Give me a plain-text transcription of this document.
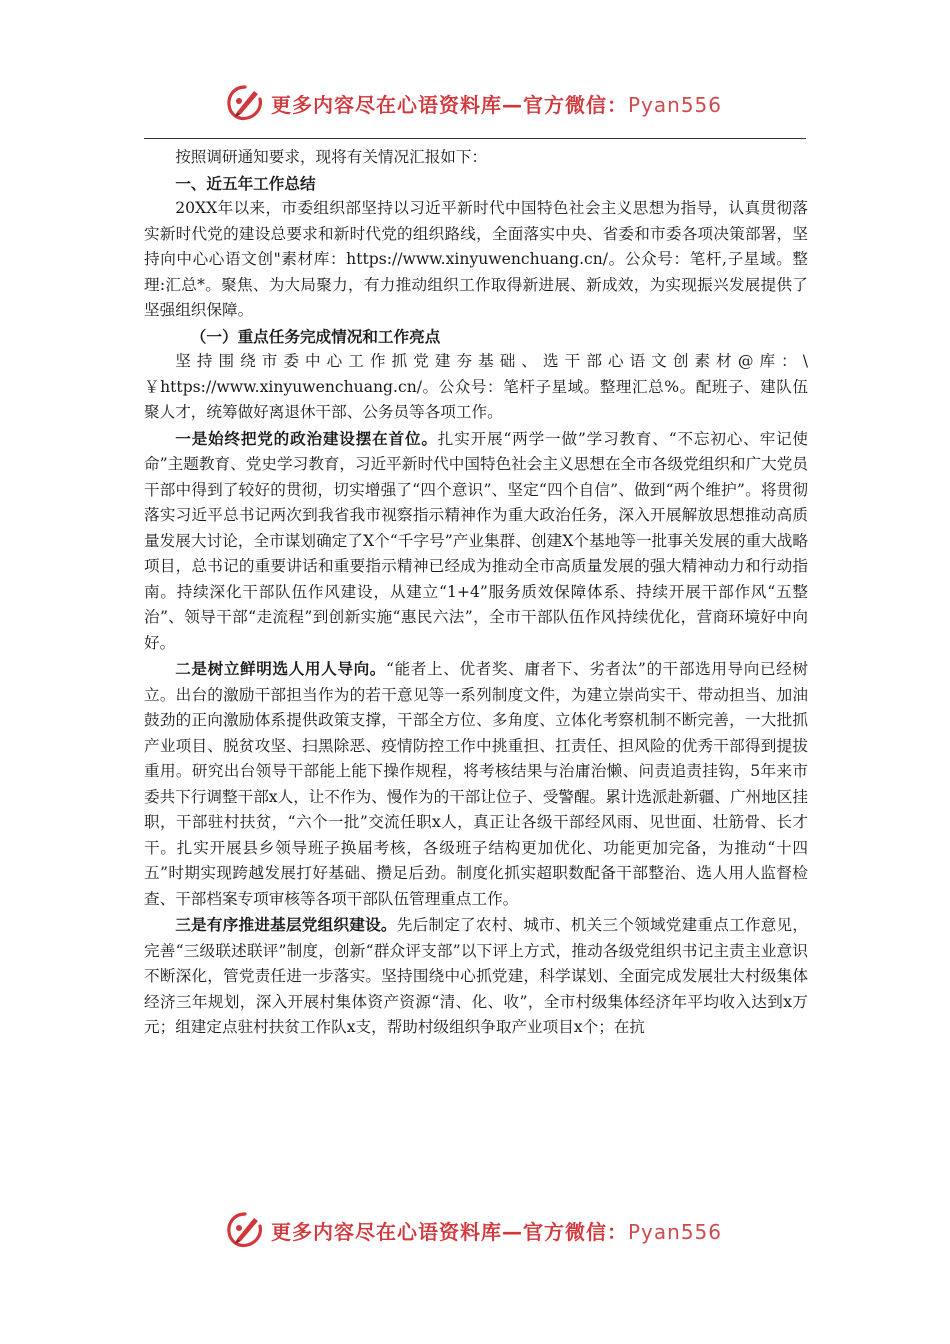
更多内容尽在心语资料库—官方微信：Pyan556

按照调研通知要求，现将有关情况汇报如下：

一、近五年工作总结

20XX年以来，市委组织部坚持以习近平新时代中国特色社会主义思想为指导，认真贯彻落实新时代党的建设总要求和新时代党的组织路线，全面落实中央、省委和市委各项决策部署，坚持向中心心语文创"素材库：https://www.xinyuwenchuang.cn/。公众号：笔杆,子星域。整理:汇总*。聚焦、为大局聚力，有力推动组织工作取得新进展、新成效，为实现振兴发展提供了坚强组织保障。

（一）重点任务完成情况和工作亮点

坚持围绕市委中心工作抓党建夯基础、选干部心语文创素材@库：\￥https://www.xinyuwenchuang.cn/。公众号：笔杆子星域。整理汇总%。配班子、建队伍聚人才，统筹做好离退休干部、公务员等各项工作。

一是始终把党的政治建设摆在首位。扎实开展“两学一做”学习教育、“不忘初心、牢记使命”主题教育、党史学习教育，习近平新时代中国特色社会主义思想在全市各级党组织和广大党员干部中得到了较好的贯彻，切实增强了“四个意识”、坚定“四个自信”、做到“两个维护”。将贯彻落实习近平总书记两次到我省我市视察指示精神作为重大政治任务，深入开展解放思想推动高质量发展大讨论，全市谋划确定了X个“千字号”产业集群、创建X个基地等一批事关发展的重大战略项目，总书记的重要讲话和重要指示精神已经成为推动全市高质量发展的强大精神动力和行动指南。持续深化干部队伍作风建设，从建立“1+4”服务质效保障体系、持续开展干部作风“五整治”、领导干部“走流程”到创新实施“惠民六法”，全市干部队伍作风持续优化，营商环境好中向好。

二是树立鲜明选人用人导向。“能者上、优者奖、庸者下、劣者汰”的干部选用导向已经树立。出台的激励干部担当作为的若干意见等一系列制度文件，为建立崇尚实干、带动担当、加油鼓劲的正向激励体系提供政策支撑，干部全方位、多角度、立体化考察机制不断完善，一大批抓产业项目、脱贫攻坚、扫黑除恶、疫情防控工作中挑重担、扛责任、担风险的优秀干部得到提拔重用。研究出台领导干部能上能下操作规程，将考核结果与治庸治懒、问责追责挂钩，5年来市委共下行调整干部x人，让不作为、慢作为的干部让位子、受警醒。累计选派赴新疆、广州地区挂职，干部驻村扶贫，“六个一批”交流任职x人，真正让各级干部经风雨、见世面、壮筋骨、长才干。扎实开展县乡领导班子换届考核，各级班子结构更加优化、功能更加完备，为推动“十四五”时期实现跨越发展打好基础、攒足后劲。制度化抓实超职数配备干部整治、选人用人监督检查、干部档案专项审核等各项干部队伍管理重点工作。

三是有序推进基层党组织建设。先后制定了农村、城市、机关三个领域党建重点工作意见，完善“三级联述联评”制度，创新“群众评支部”以下评上方式，推动各级党组织书记主责主业意识不断深化，管党责任进一步落实。坚持围绕中心抓党建，科学谋划、全面完成发展壮大村级集体经济三年规划，深入开展村集体资产资源“清、化、收”，全市村级集体经济年平均收入达到x万元；组建定点驻村扶贫工作队x支，帮助村级组织争取产业项目x个；在抗

更多内容尽在心语资料库—官方微信：Pyan556
